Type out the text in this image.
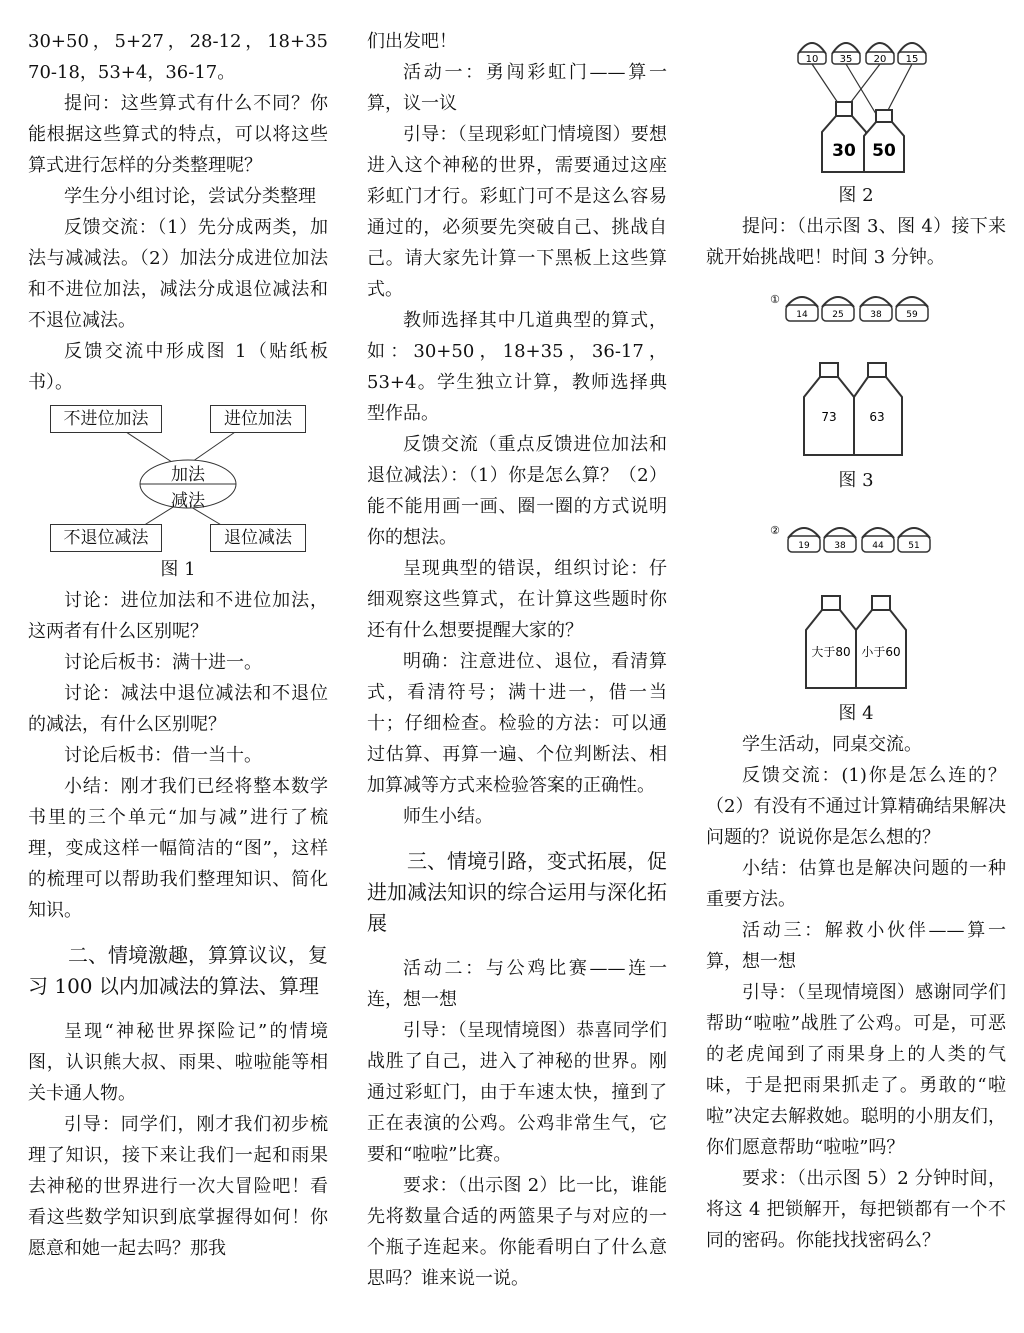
30+50，5+27，28-12，18+35 70-18，53+4，36-17。

提问：这些算式有什么不同？你能根据这些算式的特点，可以将这些算式进行怎样的分类整理呢？

学生分小组讨论，尝试分类整理

反馈交流：（1）先分成两类，加法与减减法。（2）加法分成进位加法和不进位加法，减法分成退位减法和不退位减法。

反馈交流中形成图 1（贴纸板书）。

不进位加法	进位加法
不退位减法	退位减法
加法
减法
图 1

讨论：进位加法和不进位加法，这两者有什么区别呢？

讨论后板书：满十进一。

讨论：减法中退位减法和不退位的减法，有什么区别呢？

讨论后板书：借一当十。

小结：刚才我们已经将整本数学书里的三个单元“加与减”进行了梳理，变成这样一幅简洁的“图”，这样的梳理可以帮助我们整理知识、简化知识。

二、情境激趣，算算议议，复习 100 以内加减法的算法、算理

呈现“神秘世界探险记”的情境图，认识熊大叔、雨果、啦啦能等相关卡通人物。

引导：同学们，刚才我们初步梳理了知识，接下来让我们一起和雨果去神秘的世界进行一次大冒险吧！看看这些数学知识到底掌握得如何！你愿意和她一起去吗？那我

们出发吧！

活动一：勇闯彩虹门——算一算，议一议

引导：（呈现彩虹门情境图）要想进入这个神秘的世界，需要通过这座彩虹门才行。彩虹门可不是这么容易通过的，必须要先突破自己、挑战自己。请大家先计算一下黑板上这些算式。

教师选择其中几道典型的算式， 如：30+50，18+35，36-17，53+4。学生独立计算，教师选择典型作品。

反馈交流（重点反馈进位加法和退位减法）：（1）你是怎么算？（2）能不能用画一画、圈一圈的方式说明你的想法。

呈现典型的错误，组织讨论：仔细观察这些算式，在计算这些题时你还有什么想要提醒大家的？

明确：注意进位、退位，看清算式，看清符号；满十进一，借一当十；仔细检查。检验的方法：可以通过估算、再算一遍、个位判断法、相加算减等方式来检验答案的正确性。

师生小结。

三、情境引路，变式拓展，促进加减法知识的综合运用与深化拓展

活动二：与公鸡比赛——连一连，想一想

引导：（呈现情境图）恭喜同学们战胜了自己，进入了神秘的世界。刚通过彩虹门，由于车速太快，撞到了正在表演的公鸡。公鸡非常生气，它要和“啦啦”比赛。

要求：（出示图 2）比一比，谁能先将数量合适的两篮果子与对应的一个瓶子连起来。你能看明白了什么意思吗？谁来说一说。

10 35 20 15
30 50
图 2

提问：（出示图 3、图 4）接下来就开始挑战吧！时间 3 分钟。

①
14	25	38	59
73	63
图 3
②
19	38	44	51
大于80 小于60
图 4

学生活动，同桌交流。

反馈交流：(1)你是怎么连的？（2）有没有不通过计算精确结果解决问题的？说说你是怎么想的？

小结：估算也是解决问题的一种重要方法。

活动三：解救小伙伴——算一算，想一想

引导：（呈现情境图）感谢同学们帮助“啦啦”战胜了公鸡。可是，可恶的老虎闻到了雨果身上的人类的气味，于是把雨果抓走了。勇敢的“啦啦”决定去解救她。聪明的小朋友们，你们愿意帮助“啦啦”吗？

要求：（出示图 5）2 分钟时间，将这 4 把锁解开，每把锁都有一个不同的密码。你能找找密码么？
